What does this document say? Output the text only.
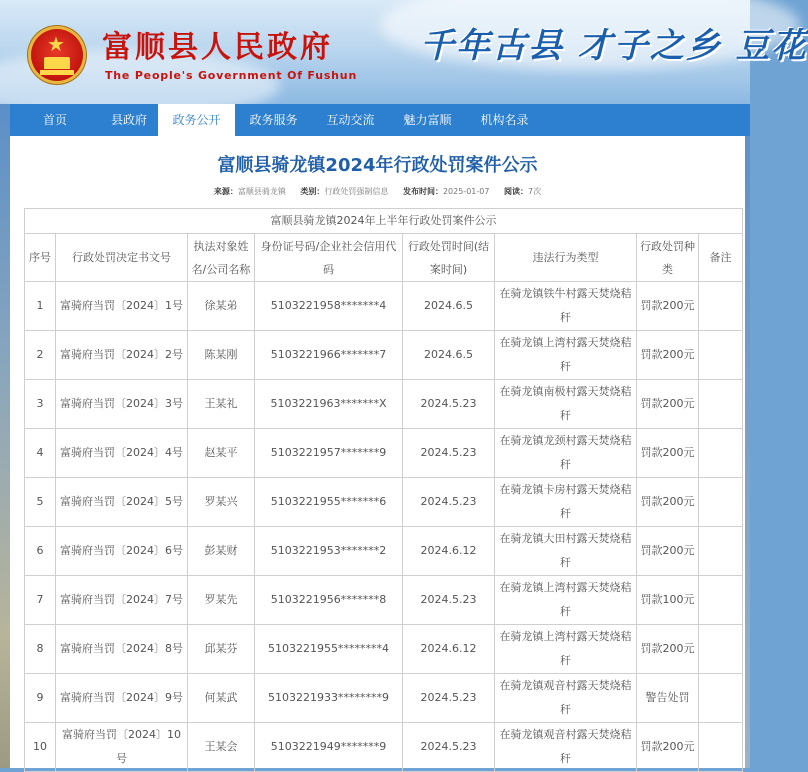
★ 富顺县人民政府
The People's Government Of Fushun
千年古县 才子之乡 豆花
首页	县政府	政务公开	政务服务	互动交流	魅力富顺	机构名录
富顺县骑龙镇2024年行政处罚案件公示
来源：富顺县骑龙镇 类别：行政处罚强制信息 发布时间：2025-01-07 阅读：7次
富顺县骑龙镇2024年上半年行政处罚案件公示							
序号	行政处罚决定书文号	执法对象姓名/公司名称	身份证号码/企业社会信用代码	行政处罚时间(结案时间)	违法行为类型	行政处罚种类	备注
1	富骑府当罚〔2024〕1号	徐某弟	5103221958*******4	2024.6.5	在骑龙镇铁牛村露天焚烧秸秆	罚款200元	
2	富骑府当罚〔2024〕2号	陈某刚	5103221966*******7	2024.6.5	在骑龙镇上湾村露天焚烧秸秆	罚款200元	
3	富骑府当罚〔2024〕3号	王某礼	5103221963*******X	2024.5.23	在骑龙镇南极村露天焚烧秸秆	罚款200元	
4	富骑府当罚〔2024〕4号	赵某平	5103221957*******9	2024.5.23	在骑龙镇龙颈村露天焚烧秸秆	罚款200元	
5	富骑府当罚〔2024〕5号	罗某兴	5103221955*******6	2024.5.23	在骑龙镇卡房村露天焚烧秸秆	罚款200元	
6	富骑府当罚〔2024〕6号	彭某财	5103221953*******2	2024.6.12	在骑龙镇大田村露天焚烧秸秆	罚款200元	
7	富骑府当罚〔2024〕7号	罗某先	5103221956*******8	2024.5.23	在骑龙镇上湾村露天焚烧秸秆	罚款100元	
8	富骑府当罚〔2024〕8号	邱某芬	5103221955********4	2024.6.12	在骑龙镇上湾村露天焚烧秸秆	罚款200元	
9	富骑府当罚〔2024〕9号	何某武	5103221933********9	2024.5.23	在骑龙镇观音村露天焚烧秸秆	警告处罚	
10	富骑府当罚〔2024〕10号	王某会	5103221949*******9	2024.5.23	在骑龙镇观音村露天焚烧秸秆	罚款200元	
